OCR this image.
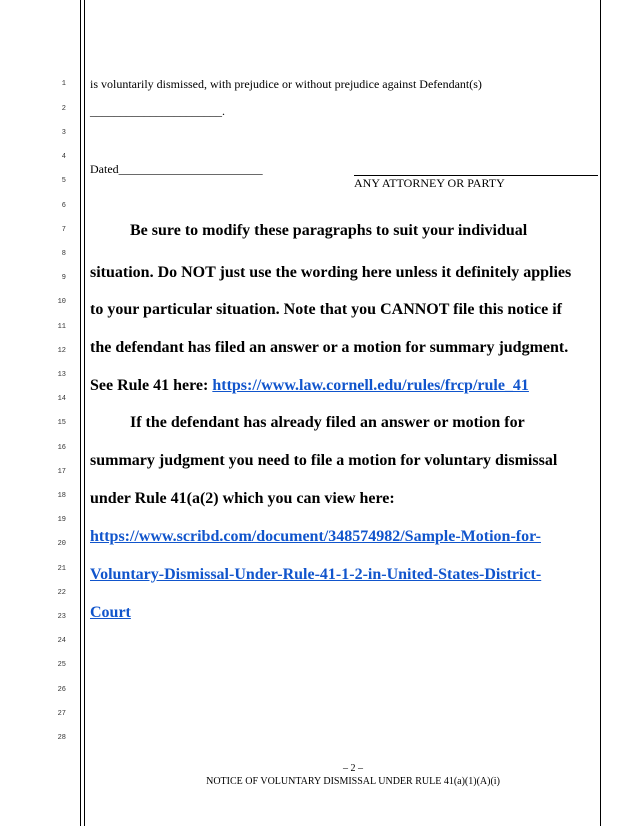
1
2
3
4
5
6
7
8
9
10
11
12
13
14
15
16
17
18
19
20
21
22
23
24
25
26
27
28
is voluntarily dismissed, with prejudice or without prejudice against Defendant(s)
______________________.
Dated________________________
ANY ATTORNEY OR PARTY
Be sure to modify these paragraphs to suit your individual
situation. Do NOT just use the wording here unless it definitely applies
to your particular situation. Note that you CANNOT file this notice if
the defendant has filed an answer or a motion for summary judgment.
See Rule 41 here: https://www.law.cornell.edu/rules/frcp/rule_41
If the defendant has already filed an answer or motion for
summary judgment you need to file a motion for voluntary dismissal
under Rule 41(a(2) which you can view here:
https://www.scribd.com/document/348574982/Sample-Motion-for-
Voluntary-Dismissal-Under-Rule-41-1-2-in-United-States-District-
Court
– 2 –
NOTICE OF VOLUNTARY DISMISSAL UNDER RULE 41(a)(1)(A)(i)
